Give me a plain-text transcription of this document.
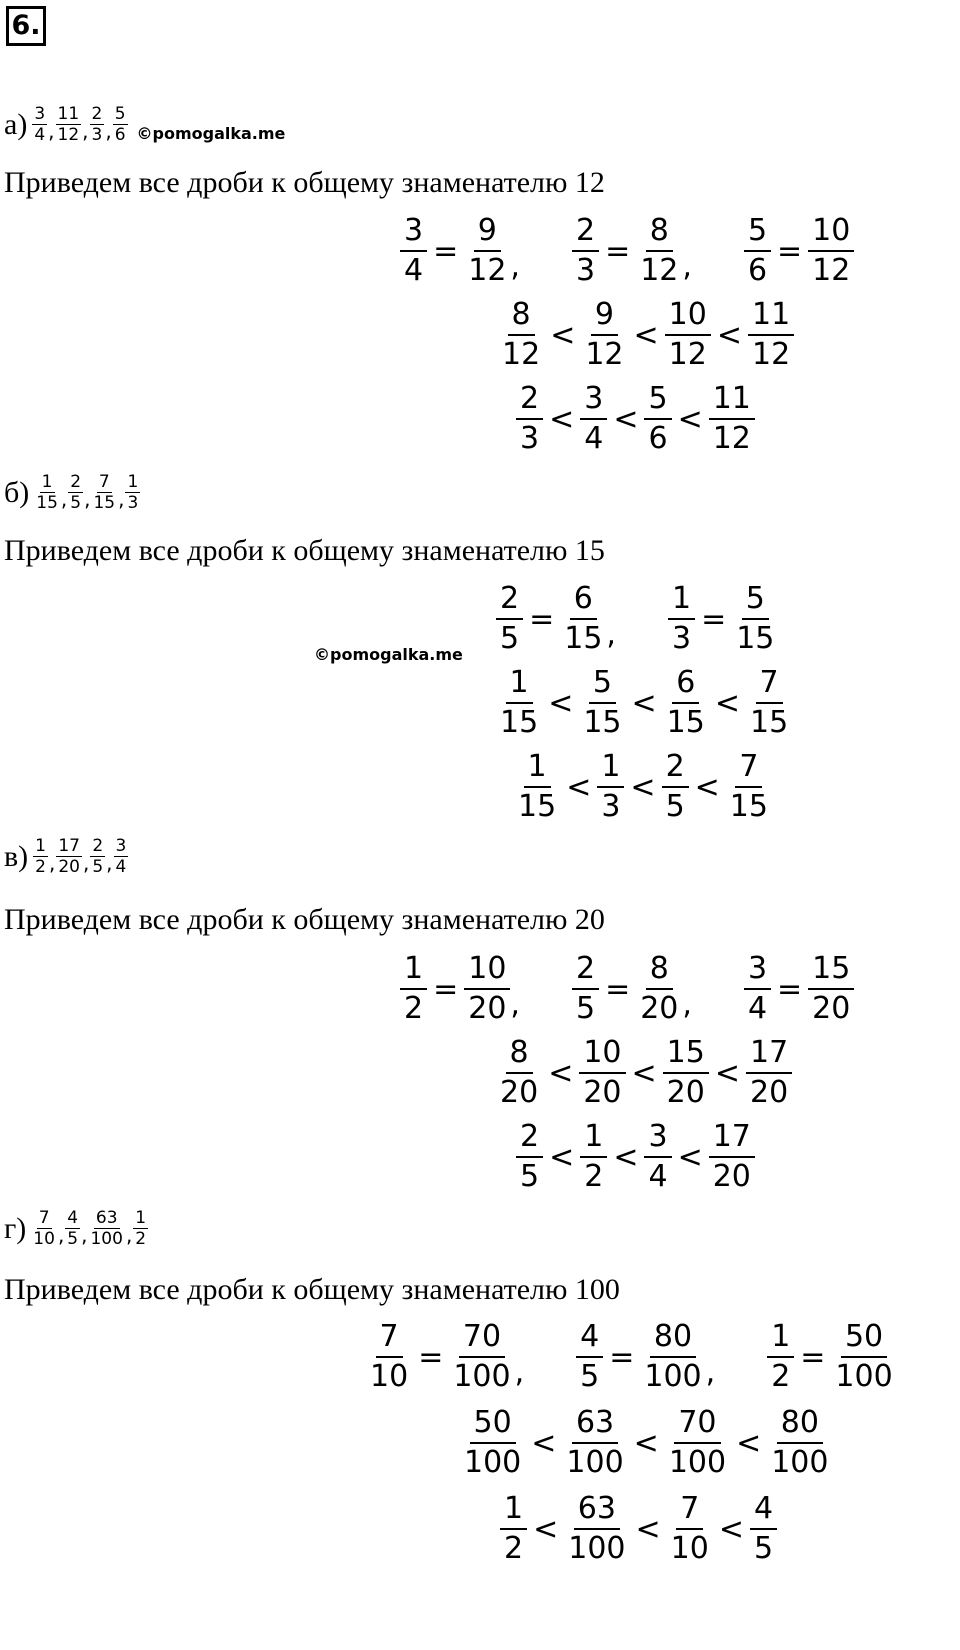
6.
$а) \frac{3}{4}$ , $\frac{11}{12}$ , $\frac{2}{3}$ , $\frac{5}{6}$ ©pomogalka.me
Приведем все дроби к общему знаменателю 12
$\frac{3}{4} = \frac{9}{12}$ , $\frac{2}{3} = \frac{8}{12}$ , $\frac{5}{6} = \frac{10}{12}$
$\frac{8}{12} < \frac{9}{12} < \frac{10}{12} < \frac{11}{12}$
$\frac{2}{3} < \frac{3}{4} < \frac{5}{6} < \frac{11}{12}$
$б) \frac{1}{15}$ , $\frac{2}{5}$ , $\frac{7}{15}$ , $\frac{1}{3}$
Приведем все дроби к общему знаменателю 15
$\frac{2}{5} = \frac{6}{15}$ , $\frac{1}{3} = \frac{5}{15}$
©pomogalka.me
$\frac{1}{15} < \frac{5}{15} < \frac{6}{15} < \frac{7}{15}$
$\frac{1}{15} < \frac{1}{3} < \frac{2}{5} < \frac{7}{15}$
$в) \frac{1}{2}$ , $\frac{17}{20}$ , $\frac{2}{5}$ , $\frac{3}{4}$
Приведем все дроби к общему знаменателю 20
$\frac{1}{2} = \frac{10}{20}$ , $\frac{2}{5} = \frac{8}{20}$ , $\frac{3}{4} = \frac{15}{20}$
$\frac{8}{20} < \frac{10}{20} < \frac{15}{20} < \frac{17}{20}$
$\frac{2}{5} < \frac{1}{2} < \frac{3}{4} < \frac{17}{20}$
$г) \frac{7}{10}$ , $\frac{4}{5}$ , $\frac{63}{100}$ , $\frac{1}{2}$
Приведем все дроби к общему знаменателю 100
$\frac{7}{10} = \frac{70}{100}$ , $\frac{4}{5} = \frac{80}{100}$ , $\frac{1}{2} = \frac{50}{100}$
$\frac{50}{100} < \frac{63}{100} < \frac{70}{100} < \frac{80}{100}$
$\frac{1}{2} < \frac{63}{100} < \frac{7}{10} < \frac{4}{5}$
